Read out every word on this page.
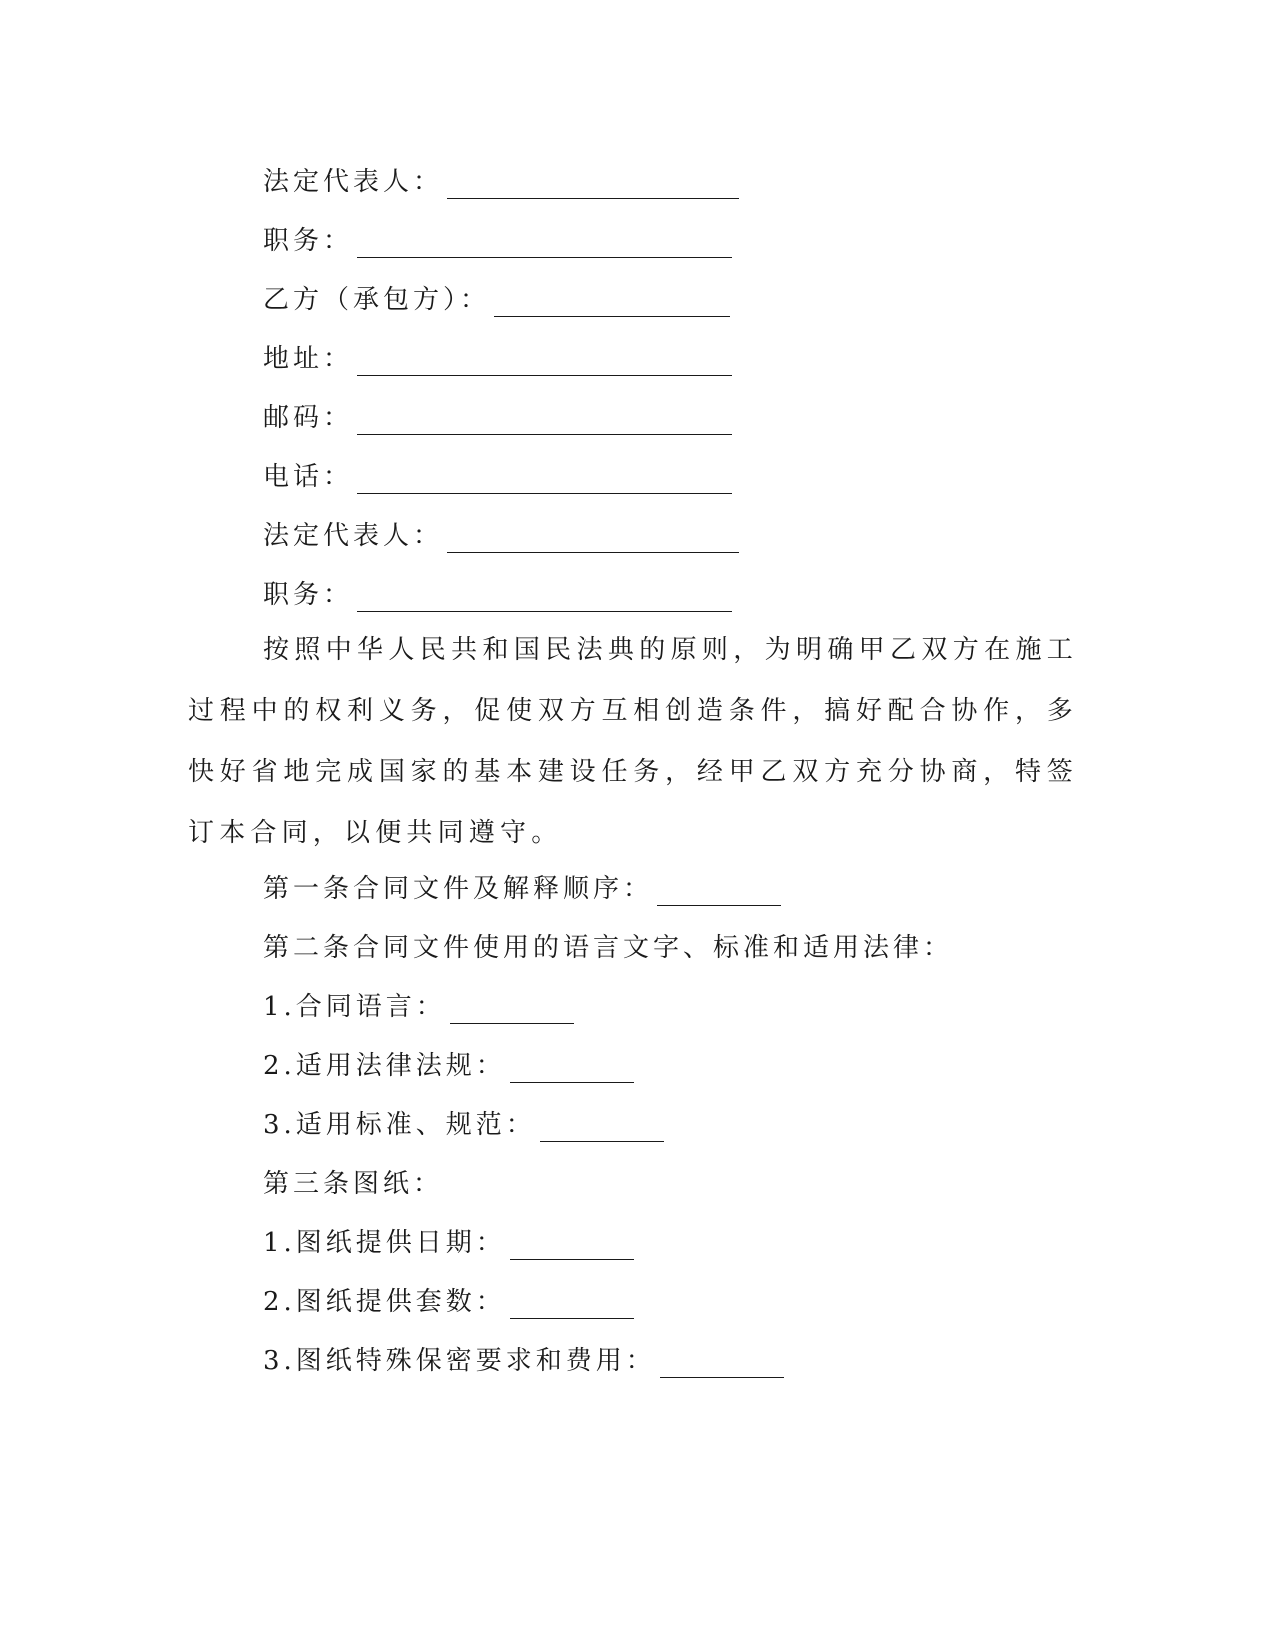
法定代表人：
职务：
乙方（承包方）：
地址：
邮码：
电话：
法定代表人：
职务：
按照中华人民共和国民法典的原则，为明确甲乙双方在施工过程中的权利义务，促使双方互相创造条件，搞好配合协作，多快好省地完成国家的基本建设任务，经甲乙双方充分协商，特签订本合同，以便共同遵守。
第一条合同文件及解释顺序：
第二条合同文件使用的语言文字、标准和适用法律：
1.合同语言：
2.适用法律法规：
3.适用标准、规范：
第三条图纸：
1.图纸提供日期：
2.图纸提供套数：
3.图纸特殊保密要求和费用：
